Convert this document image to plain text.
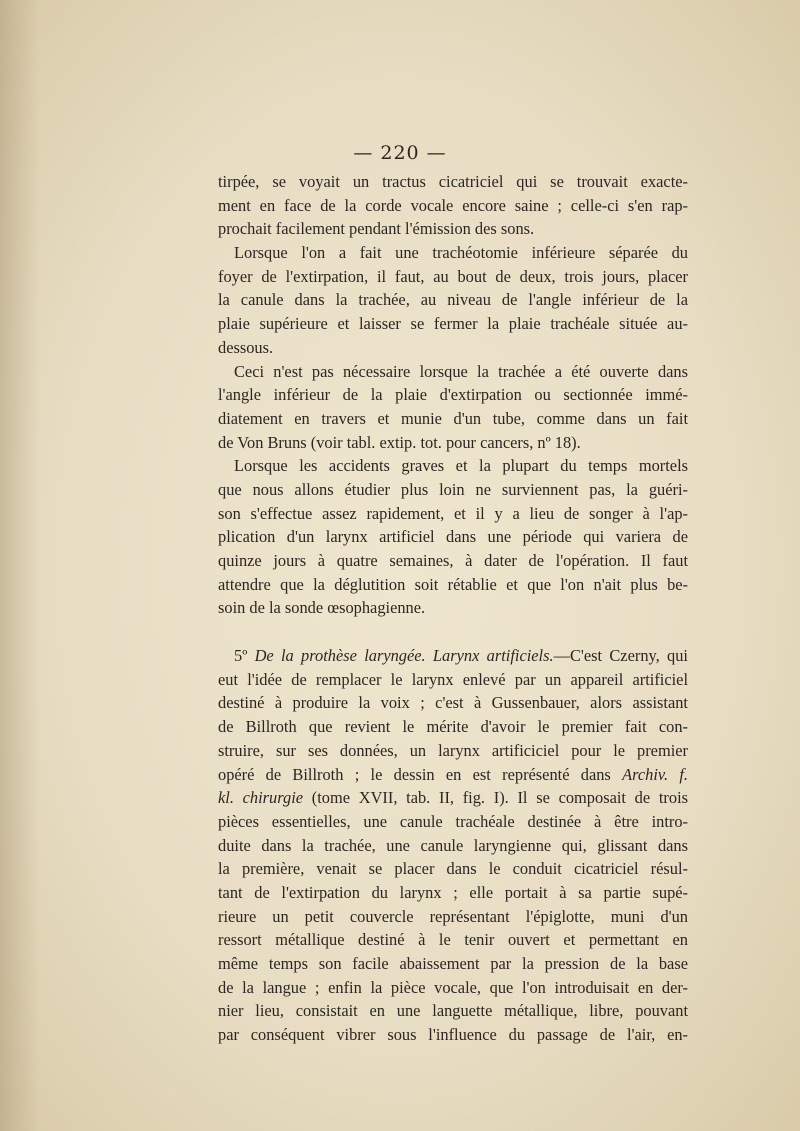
— 220 —
tirpée, se voyait un tractus cicatriciel qui se trouvait exacte-
ment en face de la corde vocale encore saine ; celle-ci s'en rap-
prochait facilement pendant l'émission des sons.
Lorsque l'on a fait une trachéotomie inférieure séparée du
foyer de l'extirpation, il faut, au bout de deux, trois jours, placer
la canule dans la trachée, au niveau de l'angle inférieur de la
plaie supérieure et laisser se fermer la plaie trachéale située au-
dessous.
Ceci n'est pas nécessaire lorsque la trachée a été ouverte dans
l'angle inférieur de la plaie d'extirpation ou sectionnée immé-
diatement en travers et munie d'un tube, comme dans un fait
de Von Bruns (voir tabl. extip. tot. pour cancers, nº 18).
Lorsque les accidents graves et la plupart du temps mortels
que nous allons étudier plus loin ne surviennent pas, la guéri-
son s'effectue assez rapidement, et il y a lieu de songer à l'ap-
plication d'un larynx artificiel dans une période qui variera de
quinze jours à quatre semaines, à dater de l'opération. Il faut
attendre que la déglutition soit rétablie et que l'on n'ait plus be-
soin de la sonde œsophagienne.
5º De la prothèse laryngée. Larynx artificiels.—C'est Czerny, qui
eut l'idée de remplacer le larynx enlevé par un appareil artificiel
destiné à produire la voix ; c'est à Gussenbauer, alors assistant
de Billroth que revient le mérite d'avoir le premier fait con-
struire, sur ses données, un larynx artificiciel pour le premier
opéré de Billroth ; le dessin en est représenté dans Archiv. f.
kl. chirurgie (tome XVII, tab. II, fig. I). Il se composait de trois
pièces essentielles, une canule trachéale destinée à être intro-
duite dans la trachée, une canule laryngienne qui, glissant dans
la première, venait se placer dans le conduit cicatriciel résul-
tant de l'extirpation du larynx ; elle portait à sa partie supé-
rieure un petit couvercle représentant l'épiglotte, muni d'un
ressort métallique destiné à le tenir ouvert et permettant en
même temps son facile abaissement par la pression de la base
de la langue ; enfin la pièce vocale, que l'on introduisait en der-
nier lieu, consistait en une languette métallique, libre, pouvant
par conséquent vibrer sous l'influence du passage de l'air, en-
